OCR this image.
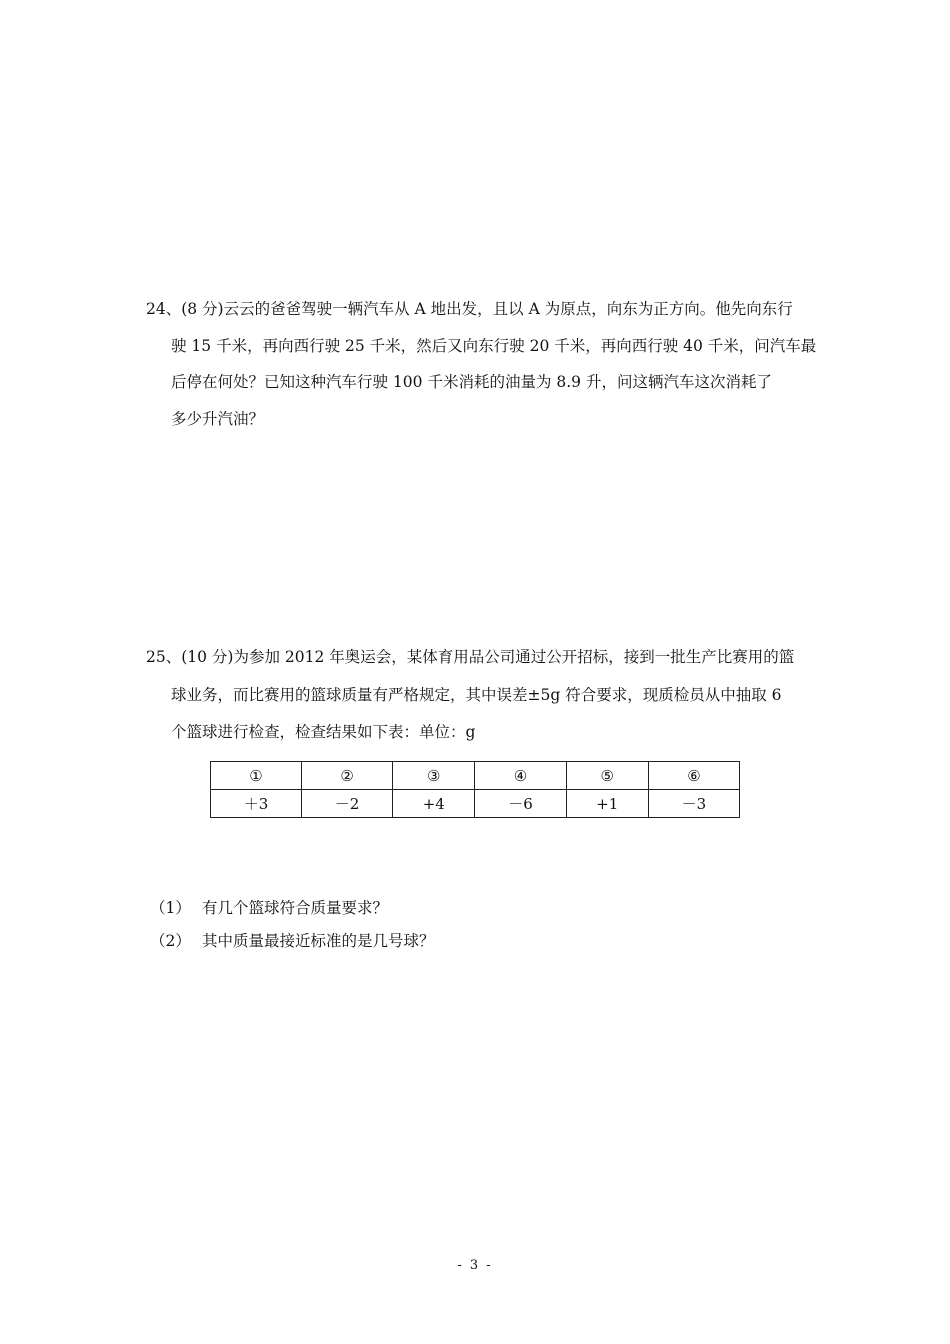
24、(8 分)云云的爸爸驾驶一辆汽车从 A 地出发，且以 A 为原点，向东为正方向。他先向东行
驶 15 千米，再向西行驶 25 千米，然后又向东行驶 20 千米，再向西行驶 40 千米，问汽车最
后停在何处？已知这种汽车行驶 100 千米消耗的油量为 8.9 升，问这辆汽车这次消耗了
多少升汽油？
25、(10 分)为参加 2012 年奥运会，某体育用品公司通过公开招标，接到一批生产比赛用的篮
球业务，而比赛用的篮球质量有严格规定，其中误差±5g 符合要求，现质检员从中抽取 6
个篮球进行检查，检查结果如下表：单位：g
①	②	③	④	⑤	⑥
＋3	－2	+4	－6	+1	－3
（1） 有几个篮球符合质量要求？
（2） 其中质量最接近标准的是几号球？
- 3 -
